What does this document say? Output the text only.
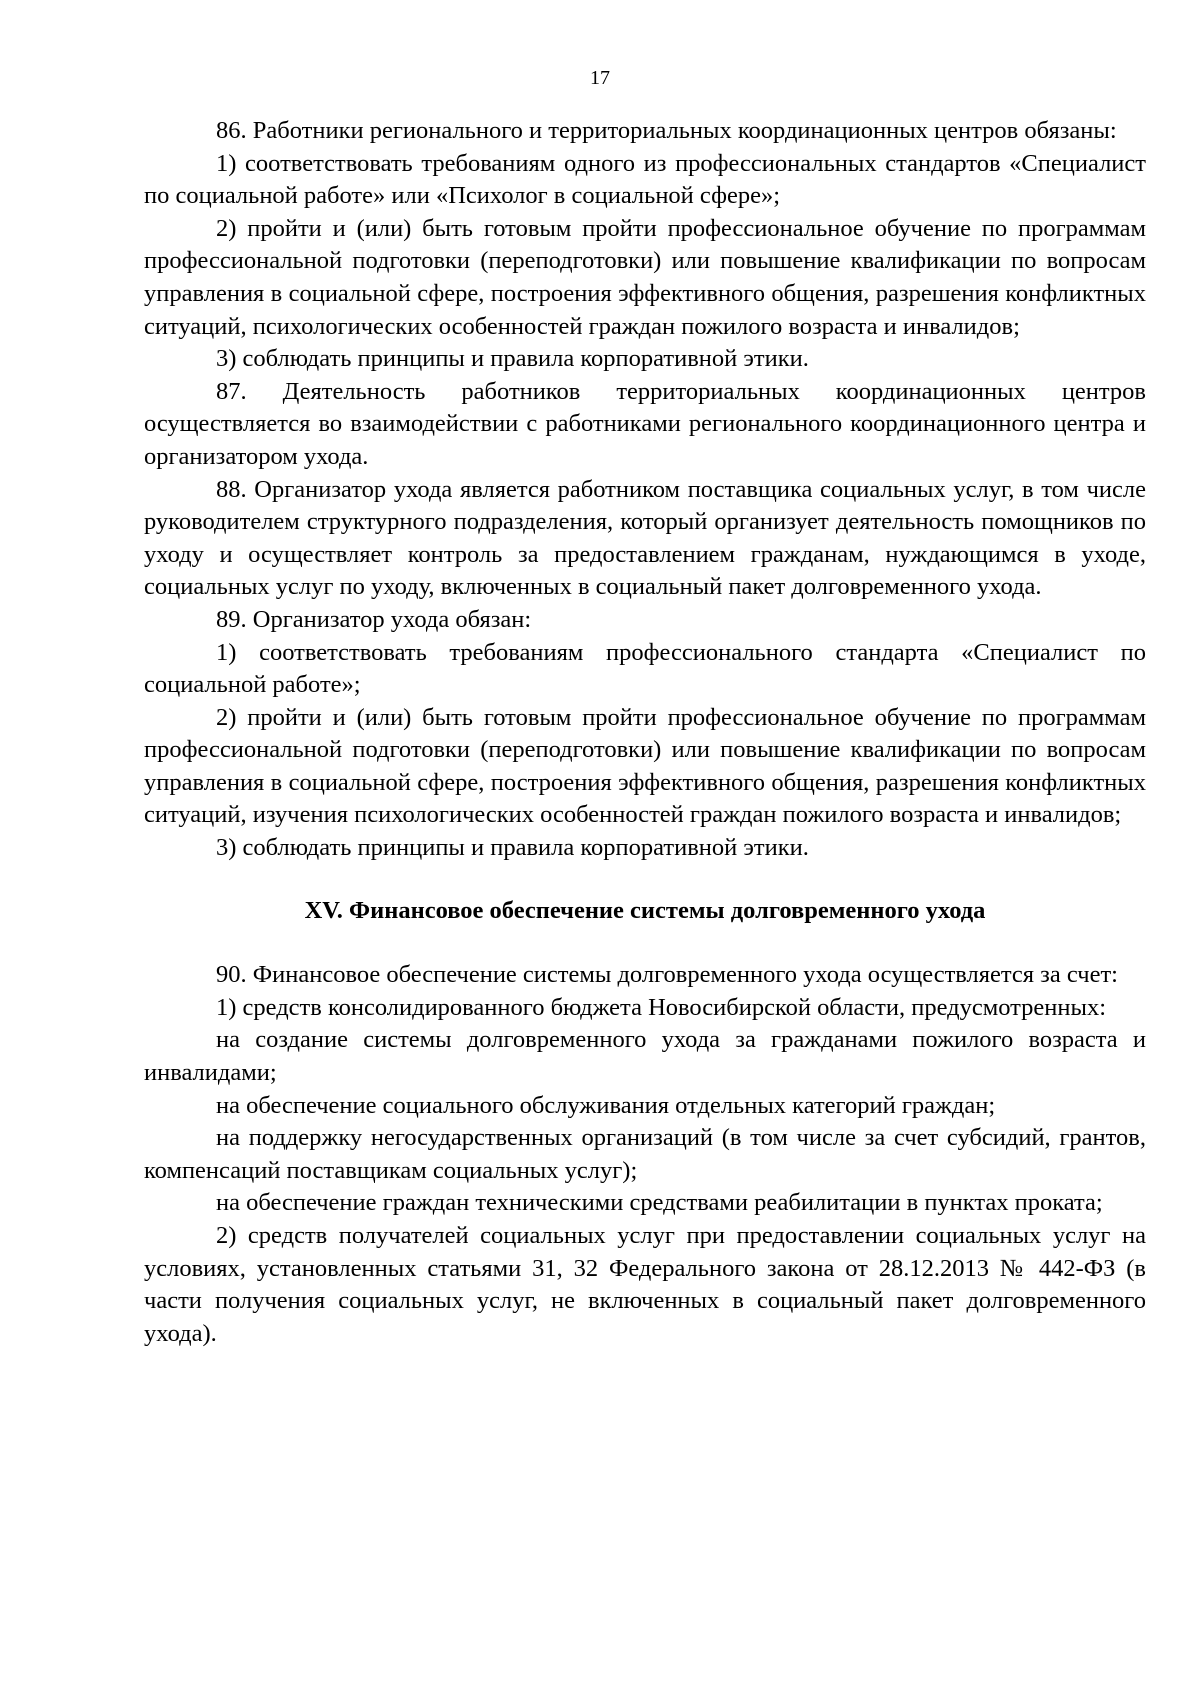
17

86. Работники регионального и территориальных координационных центров обязаны:

1) соответствовать требованиям одного из профессиональных стандартов «Специалист по социальной работе» или «Психолог в социальной сфере»;

2) пройти и (или) быть готовым пройти профессиональное обучение по программам профессиональной подготовки (переподготовки) или повышение квалификации по вопросам управления в социальной сфере, построения эффективного общения, разрешения конфликтных ситуаций, психологических особенностей граждан пожилого возраста и инвалидов;

3) соблюдать принципы и правила корпоративной этики.

87. Деятельность работников территориальных координационных центров осуществляется во взаимодействии с работниками регионального координационного центра и организатором ухода.

88. Организатор ухода является работником поставщика социальных услуг, в том числе руководителем структурного подразделения, который организует деятельность помощников по уходу и осуществляет контроль за предоставлением гражданам, нуждающимся в уходе, социальных услуг по уходу, включенных в социальный пакет долговременного ухода.

89. Организатор ухода обязан:

1) соответствовать требованиям профессионального стандарта «Специалист по социальной работе»;

2) пройти и (или) быть готовым пройти профессиональное обучение по программам профессиональной подготовки (переподготовки) или повышение квалификации по вопросам управления в социальной сфере, построения эффективного общения, разрешения конфликтных ситуаций, изучения психологических особенностей граждан пожилого возраста и инвалидов;

3) соблюдать принципы и правила корпоративной этики.

XV. Финансовое обеспечение системы долговременного ухода

90. Финансовое обеспечение системы долговременного ухода осуществляется за счет:

1) средств консолидированного бюджета Новосибирской области, предусмотренных:

на создание системы долговременного ухода за гражданами пожилого возраста и инвалидами;

на обеспечение социального обслуживания отдельных категорий граждан;

на поддержку негосударственных организаций (в том числе за счет субсидий, грантов, компенсаций поставщикам социальных услуг);

на обеспечение граждан техническими средствами реабилитации в пунктах проката;

2) средств получателей социальных услуг при предоставлении социальных услуг на условиях, установленных статьями 31, 32 Федерального закона от 28.12.2013 № 442-ФЗ (в части получения социальных услуг, не включенных в социальный пакет долговременного ухода).
